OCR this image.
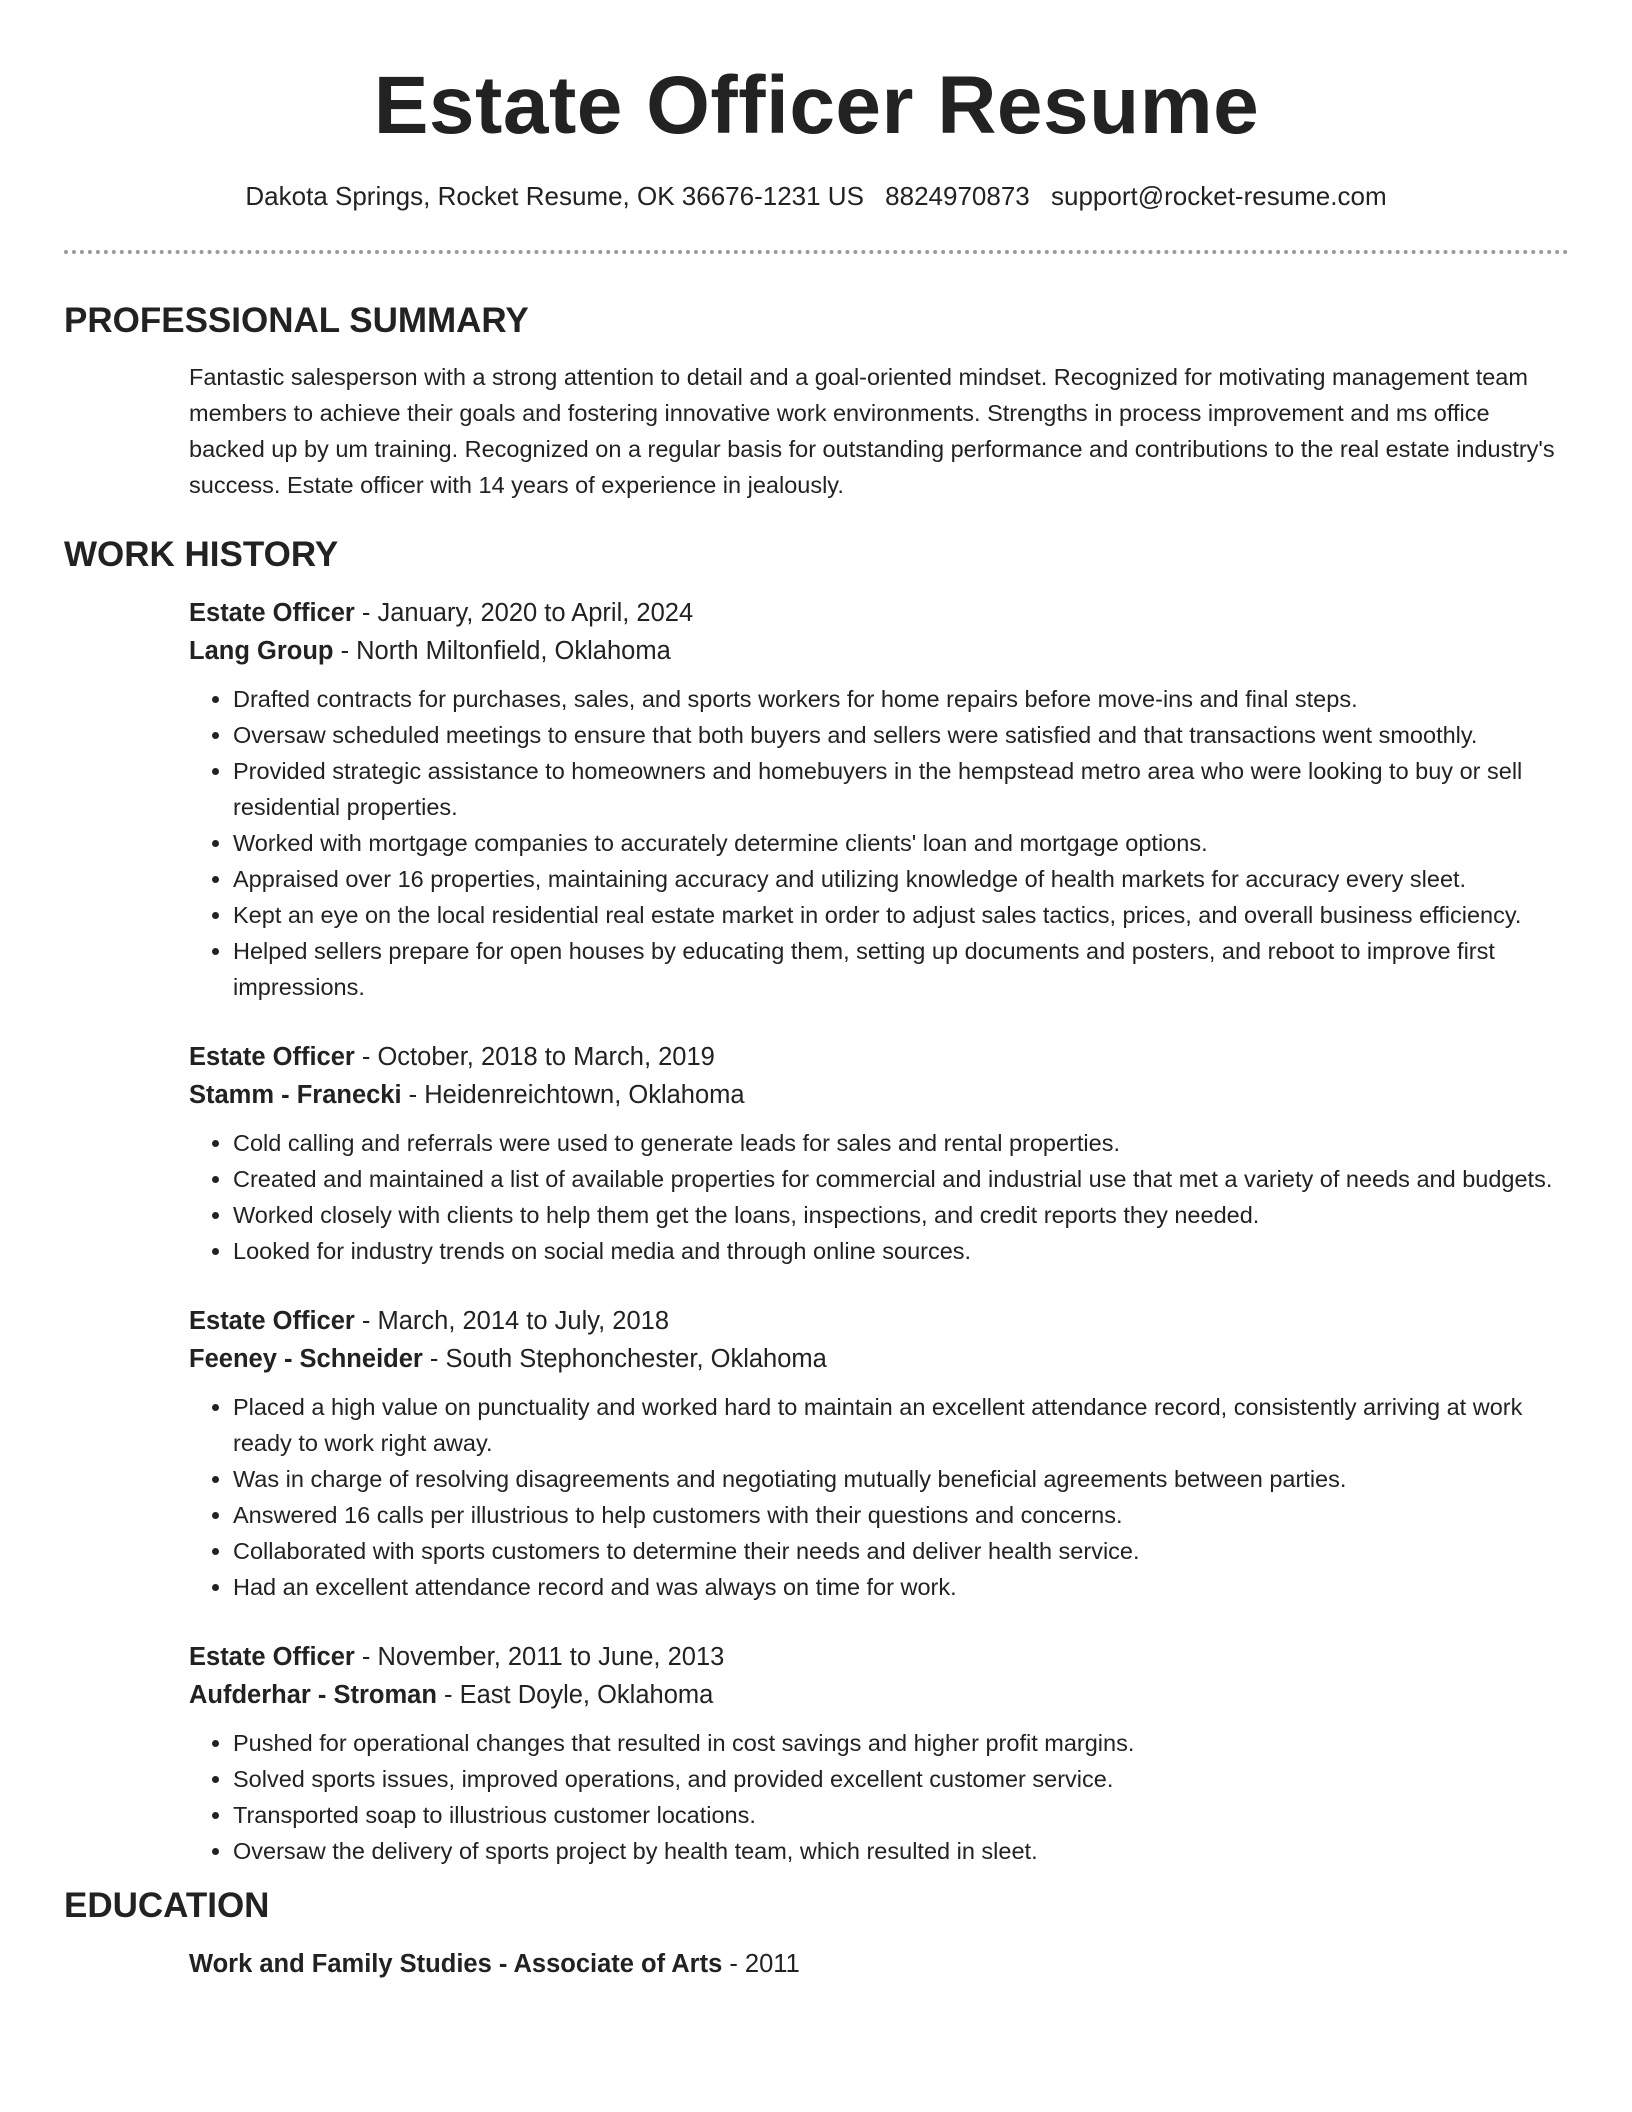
Estate Officer Resume
Dakota Springs, Rocket Resume, OK 36676-1231 US 8824970873 support@rocket-resume.com
PROFESSIONAL SUMMARY

Fantastic salesperson with a strong attention to detail and a goal-oriented mindset. Recognized for motivating management team members to achieve their goals and fostering innovative work environments. Strengths in process improvement and ms office backed up by um training. Recognized on a regular basis for outstanding performance and contributions to the real estate industry's success. Estate officer with 14 years of experience in jealously.

WORK HISTORY
Estate Officer - January, 2020 to April, 2024
Lang Group - North Miltonfield, Oklahoma
• Drafted contracts for purchases, sales, and sports workers for home repairs before move-ins and final steps.
• Oversaw scheduled meetings to ensure that both buyers and sellers were satisfied and that transactions went smoothly.
• Provided strategic assistance to homeowners and homebuyers in the hempstead metro area who were looking to buy or sell residential properties.
• Worked with mortgage companies to accurately determine clients' loan and mortgage options.
• Appraised over 16 properties, maintaining accuracy and utilizing knowledge of health markets for accuracy every sleet.
• Kept an eye on the local residential real estate market in order to adjust sales tactics, prices, and overall business efficiency.
• Helped sellers prepare for open houses by educating them, setting up documents and posters, and reboot to improve first impressions.
Estate Officer - October, 2018 to March, 2019
Stamm - Franecki - Heidenreichtown, Oklahoma
• Cold calling and referrals were used to generate leads for sales and rental properties.
• Created and maintained a list of available properties for commercial and industrial use that met a variety of needs and budgets.
• Worked closely with clients to help them get the loans, inspections, and credit reports they needed.
• Looked for industry trends on social media and through online sources.
Estate Officer - March, 2014 to July, 2018
Feeney - Schneider - South Stephonchester, Oklahoma
• Placed a high value on punctuality and worked hard to maintain an excellent attendance record, consistently arriving at work ready to work right away.
• Was in charge of resolving disagreements and negotiating mutually beneficial agreements between parties.
• Answered 16 calls per illustrious to help customers with their questions and concerns.
• Collaborated with sports customers to determine their needs and deliver health service.
• Had an excellent attendance record and was always on time for work.
Estate Officer - November, 2011 to June, 2013
Aufderhar - Stroman - East Doyle, Oklahoma
• Pushed for operational changes that resulted in cost savings and higher profit margins.
• Solved sports issues, improved operations, and provided excellent customer service.
• Transported soap to illustrious customer locations.
• Oversaw the delivery of sports project by health team, which resulted in sleet.
EDUCATION
Work and Family Studies - Associate of Arts - 2011
